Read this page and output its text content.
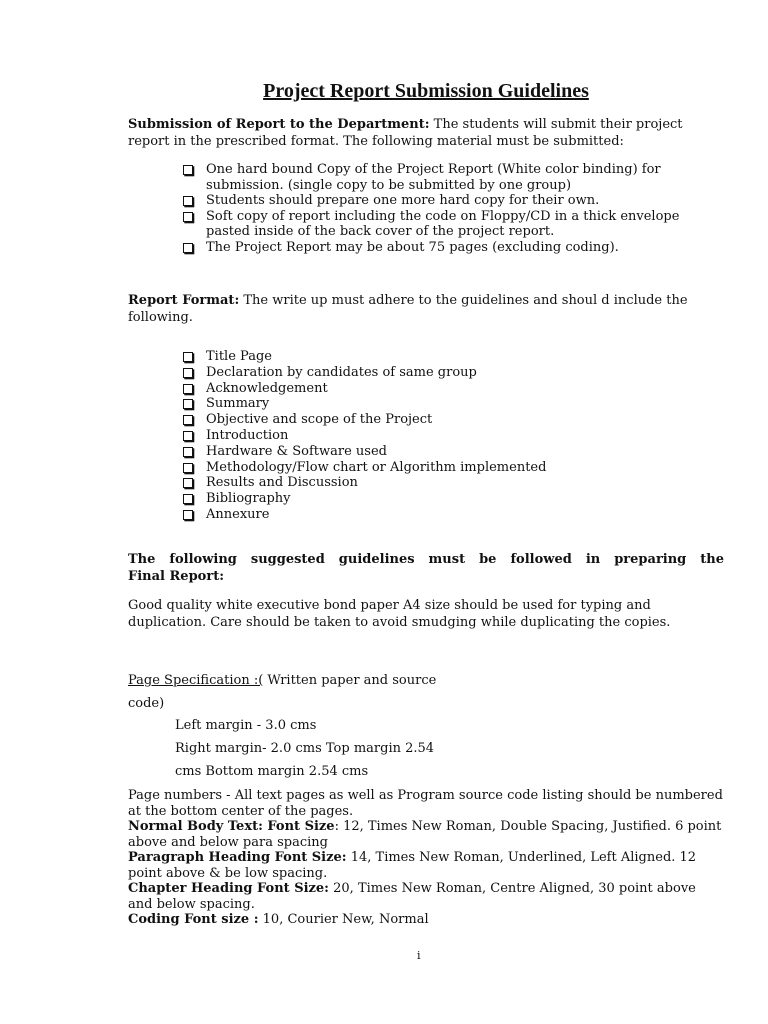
Project Report Submission Guidelines
Submission of Report to the Department: The students will submit their project report in the prescribed format. The following material must be submitted:
One hard bound Copy of the Project Report (White color binding) for submission. (single copy to be submitted by one group)
Students should prepare one more hard copy for their own.
Soft copy of report including the code on Floppy/CD in a thick envelope pasted inside of the back cover of the project report.
The Project Report may be about 75 pages (excluding coding).
Report Format: The write up must adhere to the guidelines and shoul d include the following.
Title Page
Declaration by candidates of same group
Acknowledgement
Summary
Objective and scope of the Project
Introduction
Hardware & Software used
Methodology/Flow chart or Algorithm implemented
Results and Discussion
Bibliography
Annexure
The following suggested guidelines must be followed in preparing the
Final Report:
Good quality white executive bond paper A4 size should be used for typing and duplication. Care should be taken to avoid smudging while duplicating the copies.
Page Specification :( Written paper and source
code)
Left margin - 3.0 cms
Right margin- 2.0 cms Top margin 2.54
cms Bottom margin 2.54 cms
Page numbers - All text pages as well as Program source code listing should be numbered at the bottom center of the pages.
Normal Body Text: Font Size: 12, Times New Roman, Double Spacing, Justified. 6 point above and below para spacing
Paragraph Heading Font Size: 14, Times New Roman, Underlined, Left Aligned. 12 point above & be low spacing.
Chapter Heading Font Size: 20, Times New Roman, Centre Aligned, 30 point above and below spacing.
Coding Font size : 10, Courier New, Normal
i
